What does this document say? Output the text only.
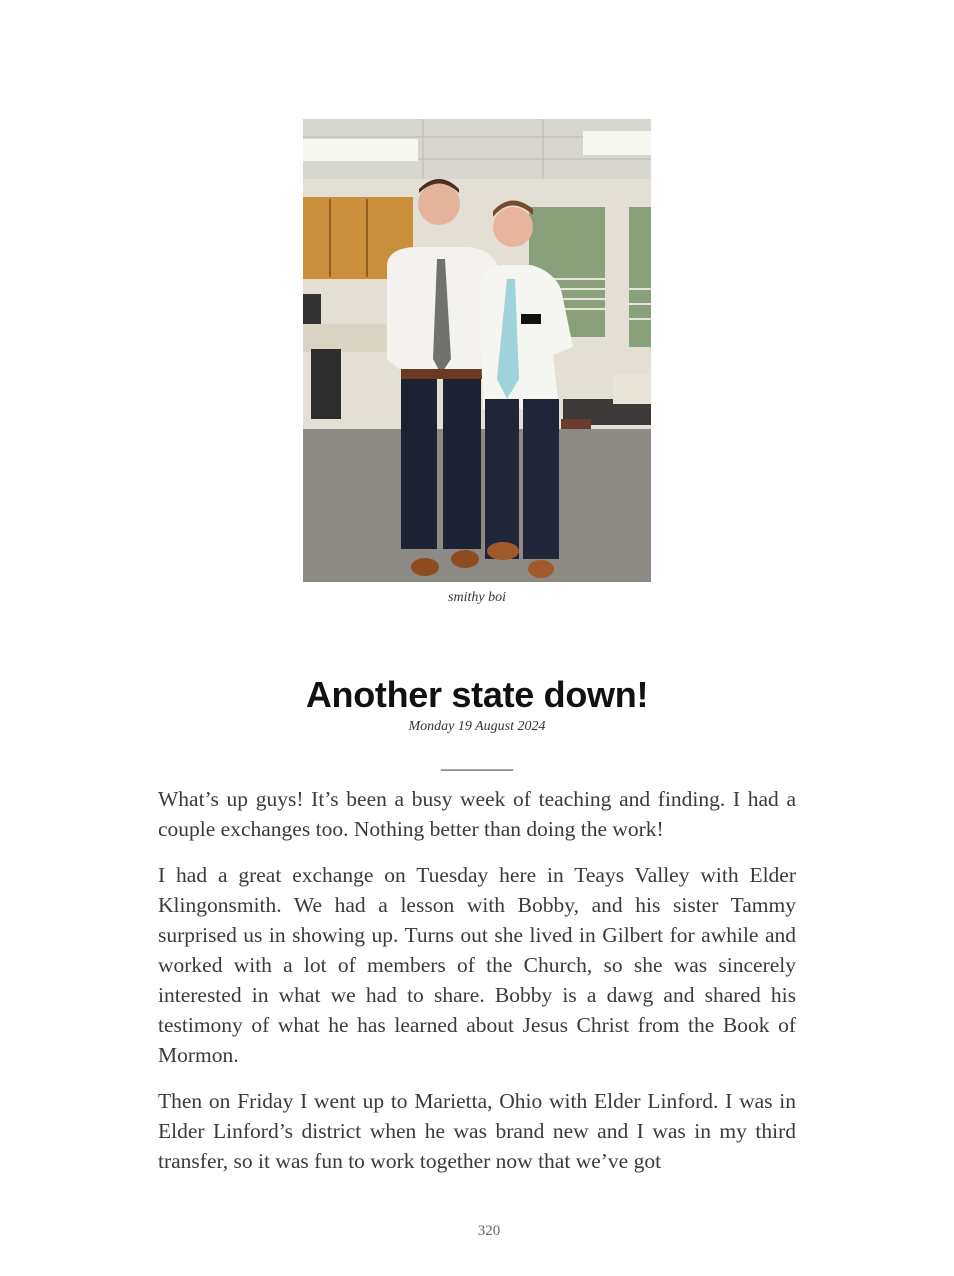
smithy boi
Another state down!
Monday 19 August 2024
________

What’s up guys! It’s been a busy week of teaching and finding. I had a couple exchanges too. Nothing better than doing the work!

I had a great exchange on Tuesday here in Teays Valley with Elder Klingonsmith. We had a lesson with Bobby, and his sister Tammy surprised us in showing up. Turns out she lived in Gilbert for awhile and worked with a lot of members of the Church, so she was sincerely interested in what we had to share. Bobby is a dawg and shared his testimony of what he has learned about Jesus Christ from the Book of Mormon.

Then on Friday I went up to Marietta, Ohio with Elder Linford. I was in Elder Linford’s district when he was brand new and I was in my third transfer, so it was fun to work together now that we’ve got

320
